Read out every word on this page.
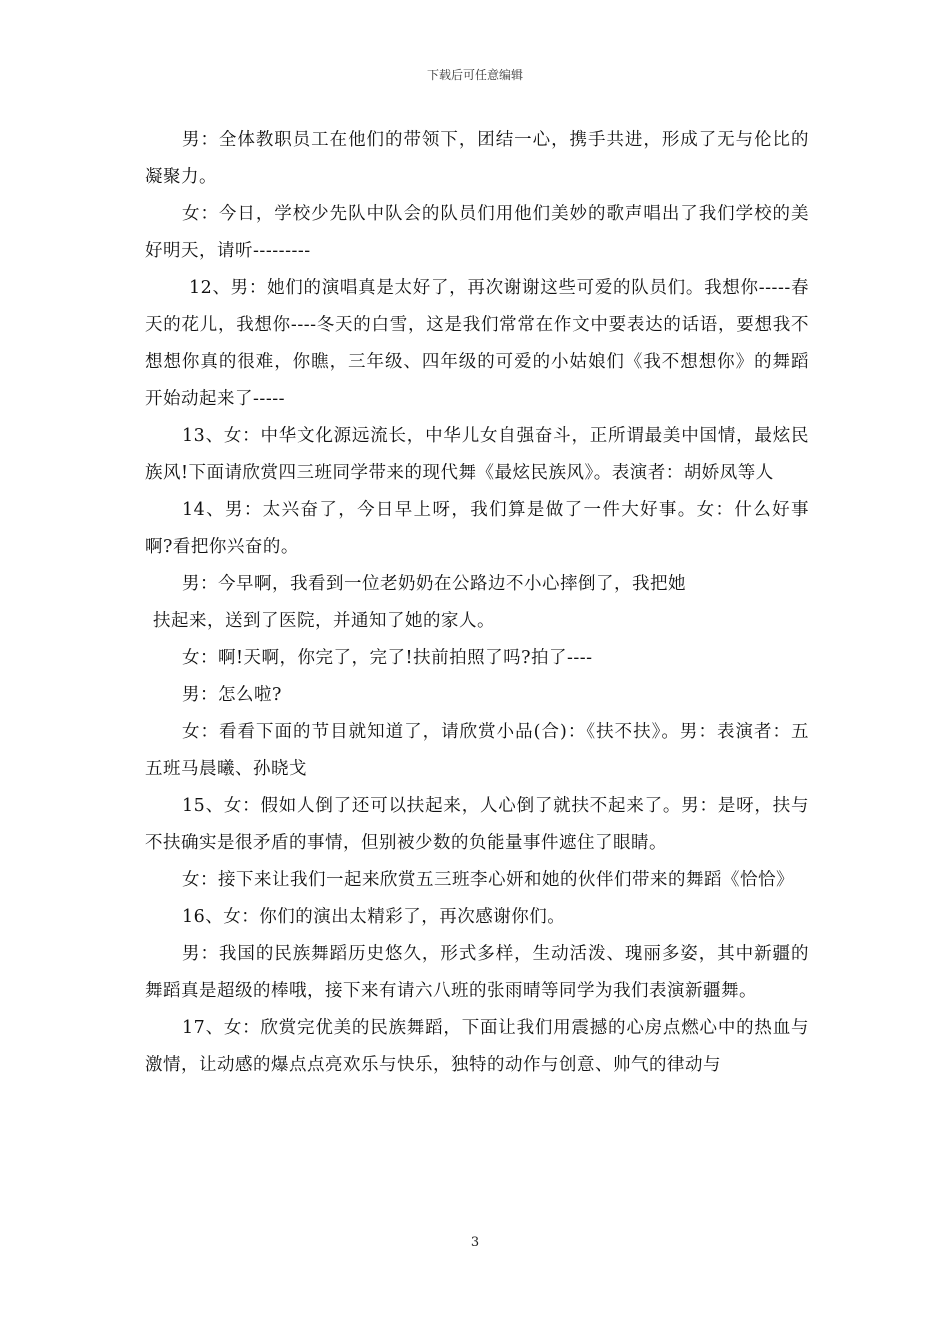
下载后可任意编辑

男：全体教职员工在他们的带领下，团结一心，携手共进，形成了无与伦比的凝聚力。

女：今日，学校少先队中队会的队员们用他们美妙的歌声唱出了我们学校的美好明天，请听---------

12、男：她们的演唱真是太好了，再次谢谢这些可爱的队员们。我想你-----春天的花儿，我想你----冬天的白雪，这是我们常常在作文中要表达的话语，要想我不想想你真的很难，你瞧，三年级、四年级的可爱的小姑娘们《我不想想你》的舞蹈开始动起来了-----

13、女：中华文化源远流长，中华儿女自强奋斗，正所谓最美中国情，最炫民族风!下面请欣赏四三班同学带来的现代舞《最炫民族风》。表演者：胡娇凤等人

14、男：太兴奋了，今日早上呀，我们算是做了一件大好事。女：什么好事啊?看把你兴奋的。

男：今早啊，我看到一位老奶奶在公路边不小心摔倒了，我把她

扶起来，送到了医院，并通知了她的家人。

女：啊!天啊，你完了，完了!扶前拍照了吗?拍了----

男：怎么啦?

女：看看下面的节目就知道了，请欣赏小品(合)：《扶不扶》。男：表演者：五五班马晨曦、孙晓戈

15、女：假如人倒了还可以扶起来，人心倒了就扶不起来了。男：是呀，扶与不扶确实是很矛盾的事情，但别被少数的负能量事件遮住了眼睛。

女：接下来让我们一起来欣赏五三班李心妍和她的伙伴们带来的舞蹈《恰恰》

16、女：你们的演出太精彩了，再次感谢你们。

男：我国的民族舞蹈历史悠久，形式多样，生动活泼、瑰丽多姿，其中新疆的舞蹈真是超级的棒哦，接下来有请六八班的张雨晴等同学为我们表演新疆舞。

17、女：欣赏完优美的民族舞蹈，下面让我们用震撼的心房点燃心中的热血与激情，让动感的爆点点亮欢乐与快乐，独特的动作与创意、帅气的律动与

3
